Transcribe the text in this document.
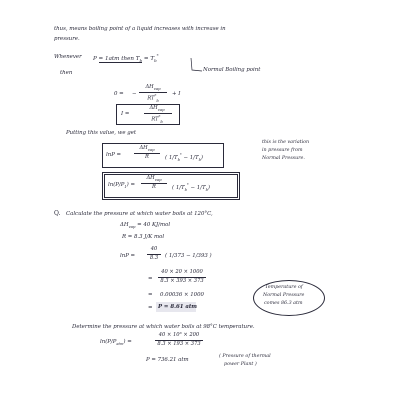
thus, means boiling point of a liquid increases with increase in
pressure.
Whenever P = 1atm then $T_b = T_b^*$
Normal Boiling point
then
0 = −
$\Delta H_{vap}$
$RT^*_b$
+ I
I =
$\Delta H_{vap}$
$RT^*_b$
Putting this value, we get
lnP =
$\Delta H_{vap}$
R	( $1/T_b^* - 1/T_b$)
this is the variation
in pressure from
Normal Pressure.
$\ln(P/P_1)$ =
$\Delta H_{vap}$
R	( $1/T_b^* - 1/T_b$)
Q. Calculate the pressure at which water boils at 120°C,
$\Delta H_{vap} = 40$ KJ/mol
R = 8.3 J/K mol
lnP =
40
8.3	( 1/373 − 1/393 )
=
40 × 20 × 1000
8.3 × 393 × 373
= 0.00036 × 1000
= P = 8.61 atm
Temperature of
Normal Pressure
comes 86.3 atm
Determine the pressure at which water boils at 98°C temperature.
$\ln(P/P_{atm})$ =
40 × 10³ × 200
8.3 × 193 × 373
P = 736.21 atm
( Pressure of thermal
power Plant )
